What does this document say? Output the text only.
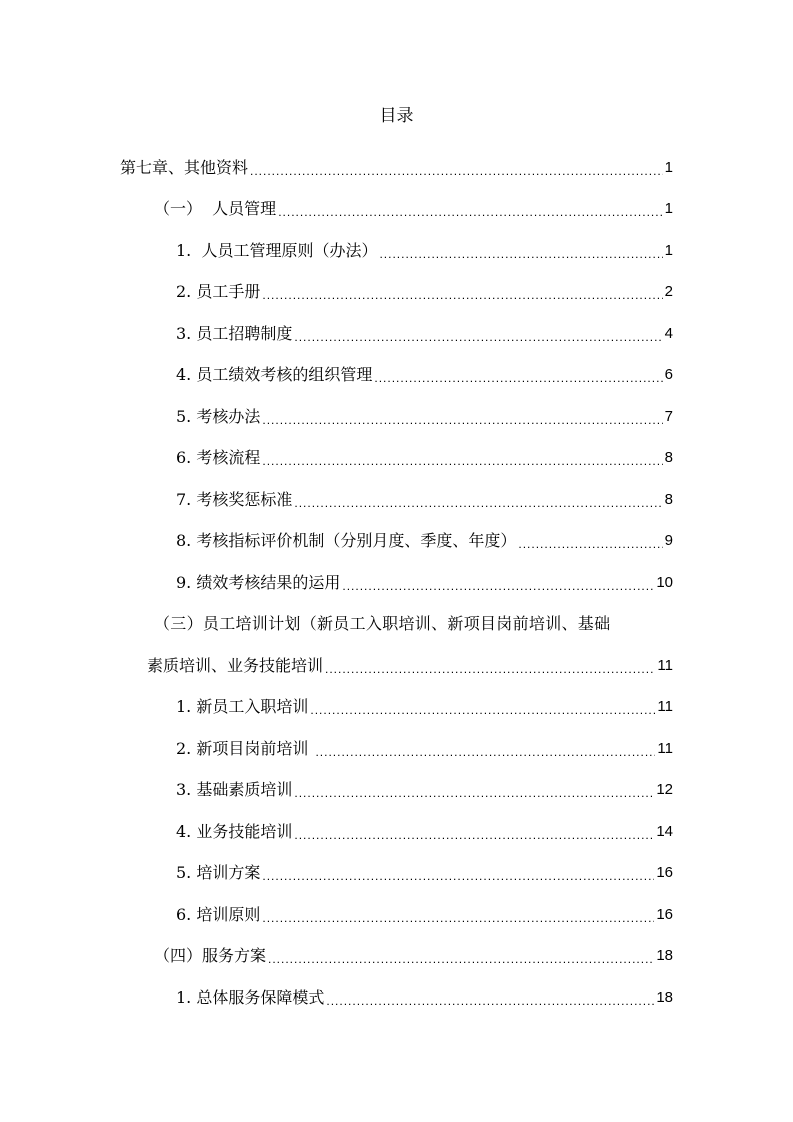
目录
第七章、其他资料 .....	1
（一）  人员管理 .....	1
1.  人员工管理原则（办法） .....	1
2. 员工手册 .....	2
3. 员工招聘制度 .....	4
4. 员工绩效考核的组织管理 .....	6
5. 考核办法 .....	7
6. 考核流程 .....	8
7. 考核奖惩标准 .....	8
8. 考核指标评价机制（分别月度、季度、年度） .....	9
9. 绩效考核结果的运用 .....	10
（三）员工培训计划（新员工入职培训、新项目岗前培训、基础
素质培训、业务技能培训 .....	11
1. 新员工入职培训 .....	11
2. 新项目岗前培训 .....	11
3. 基础素质培训 .....	12
4. 业务技能培训 .....	14
5. 培训方案 .....	16
6. 培训原则 .....	16
（四）服务方案 .....	18
1. 总体服务保障模式 .....	18
